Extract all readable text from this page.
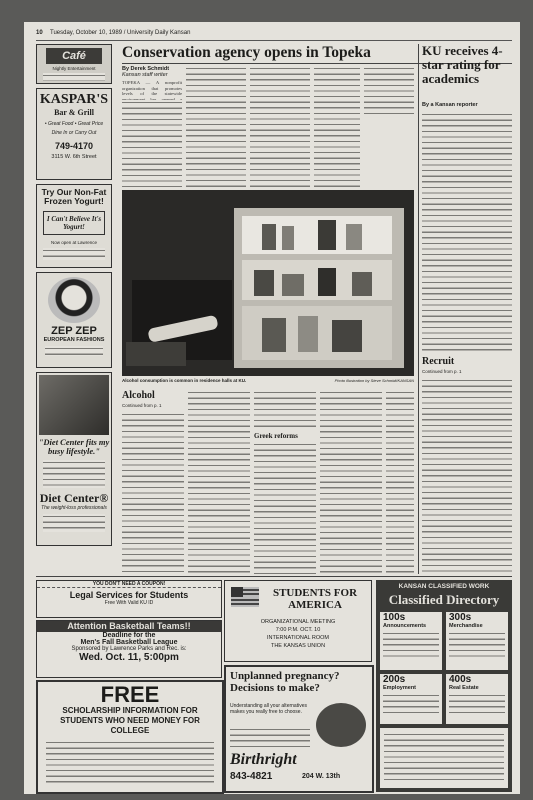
10 Tuesday, October 10, 1989 / University Daily Kansan
Café
Nightly Entertainment
KASPAR'S
Bar & Grill
• Great Food • Great Price
Dine In or Carry Out
749-4170
3115 W. 6th Street
Try Our Non-Fat Frozen Yogurt!
I Can't Believe It's Yogurt!
Now open at Lawrence
ZEP ZEP
EUROPEAN FASHIONS
"Diet Center fits my busy lifestyle."
Diet Center®
The weight-loss professionals
Conservation agency opens in Topeka
By Derek Schmidt
Kansan staff writer
TOPEKA — A nonprofit organization that promotes levels of the statewide
Alcohol consumption is common in residence halls at KU.	Photo illustration by Steve Schmidt/KANSAN
Alcohol
Continued from p. 1
Greek reforms
KU receives 4-star rating for academics
By a Kansan reporter
Recruit
Continued from p. 1
YOU DON'T NEED A COUPON!
Legal Services for Students
Free With Valid KU ID
Attention Basketball Teams!!
Deadline for the
Men's Fall Basketball League
Sponsored by Lawrence Parks and Rec. is:
Wed. Oct. 11, 5:00pm
FREE
SCHOLARSHIP INFORMATION FOR STUDENTS WHO NEED MONEY FOR COLLEGE
STUDENTS FOR AMERICA
ORGANIZATIONAL MEETING
7:00 P.M. OCT. 10
INTERNATIONAL ROOM
THE KANSAS UNION
Unplanned pregnancy? Decisions to make?
Understanding all your alternatives makes you really free to choose.
Birthright
843-4821	204 W. 13th
KANSAN CLASSIFIED WORK
Classified Directory
100s
Announcements
300s
Merchandise
200s
Employment
400s
Real Estate
